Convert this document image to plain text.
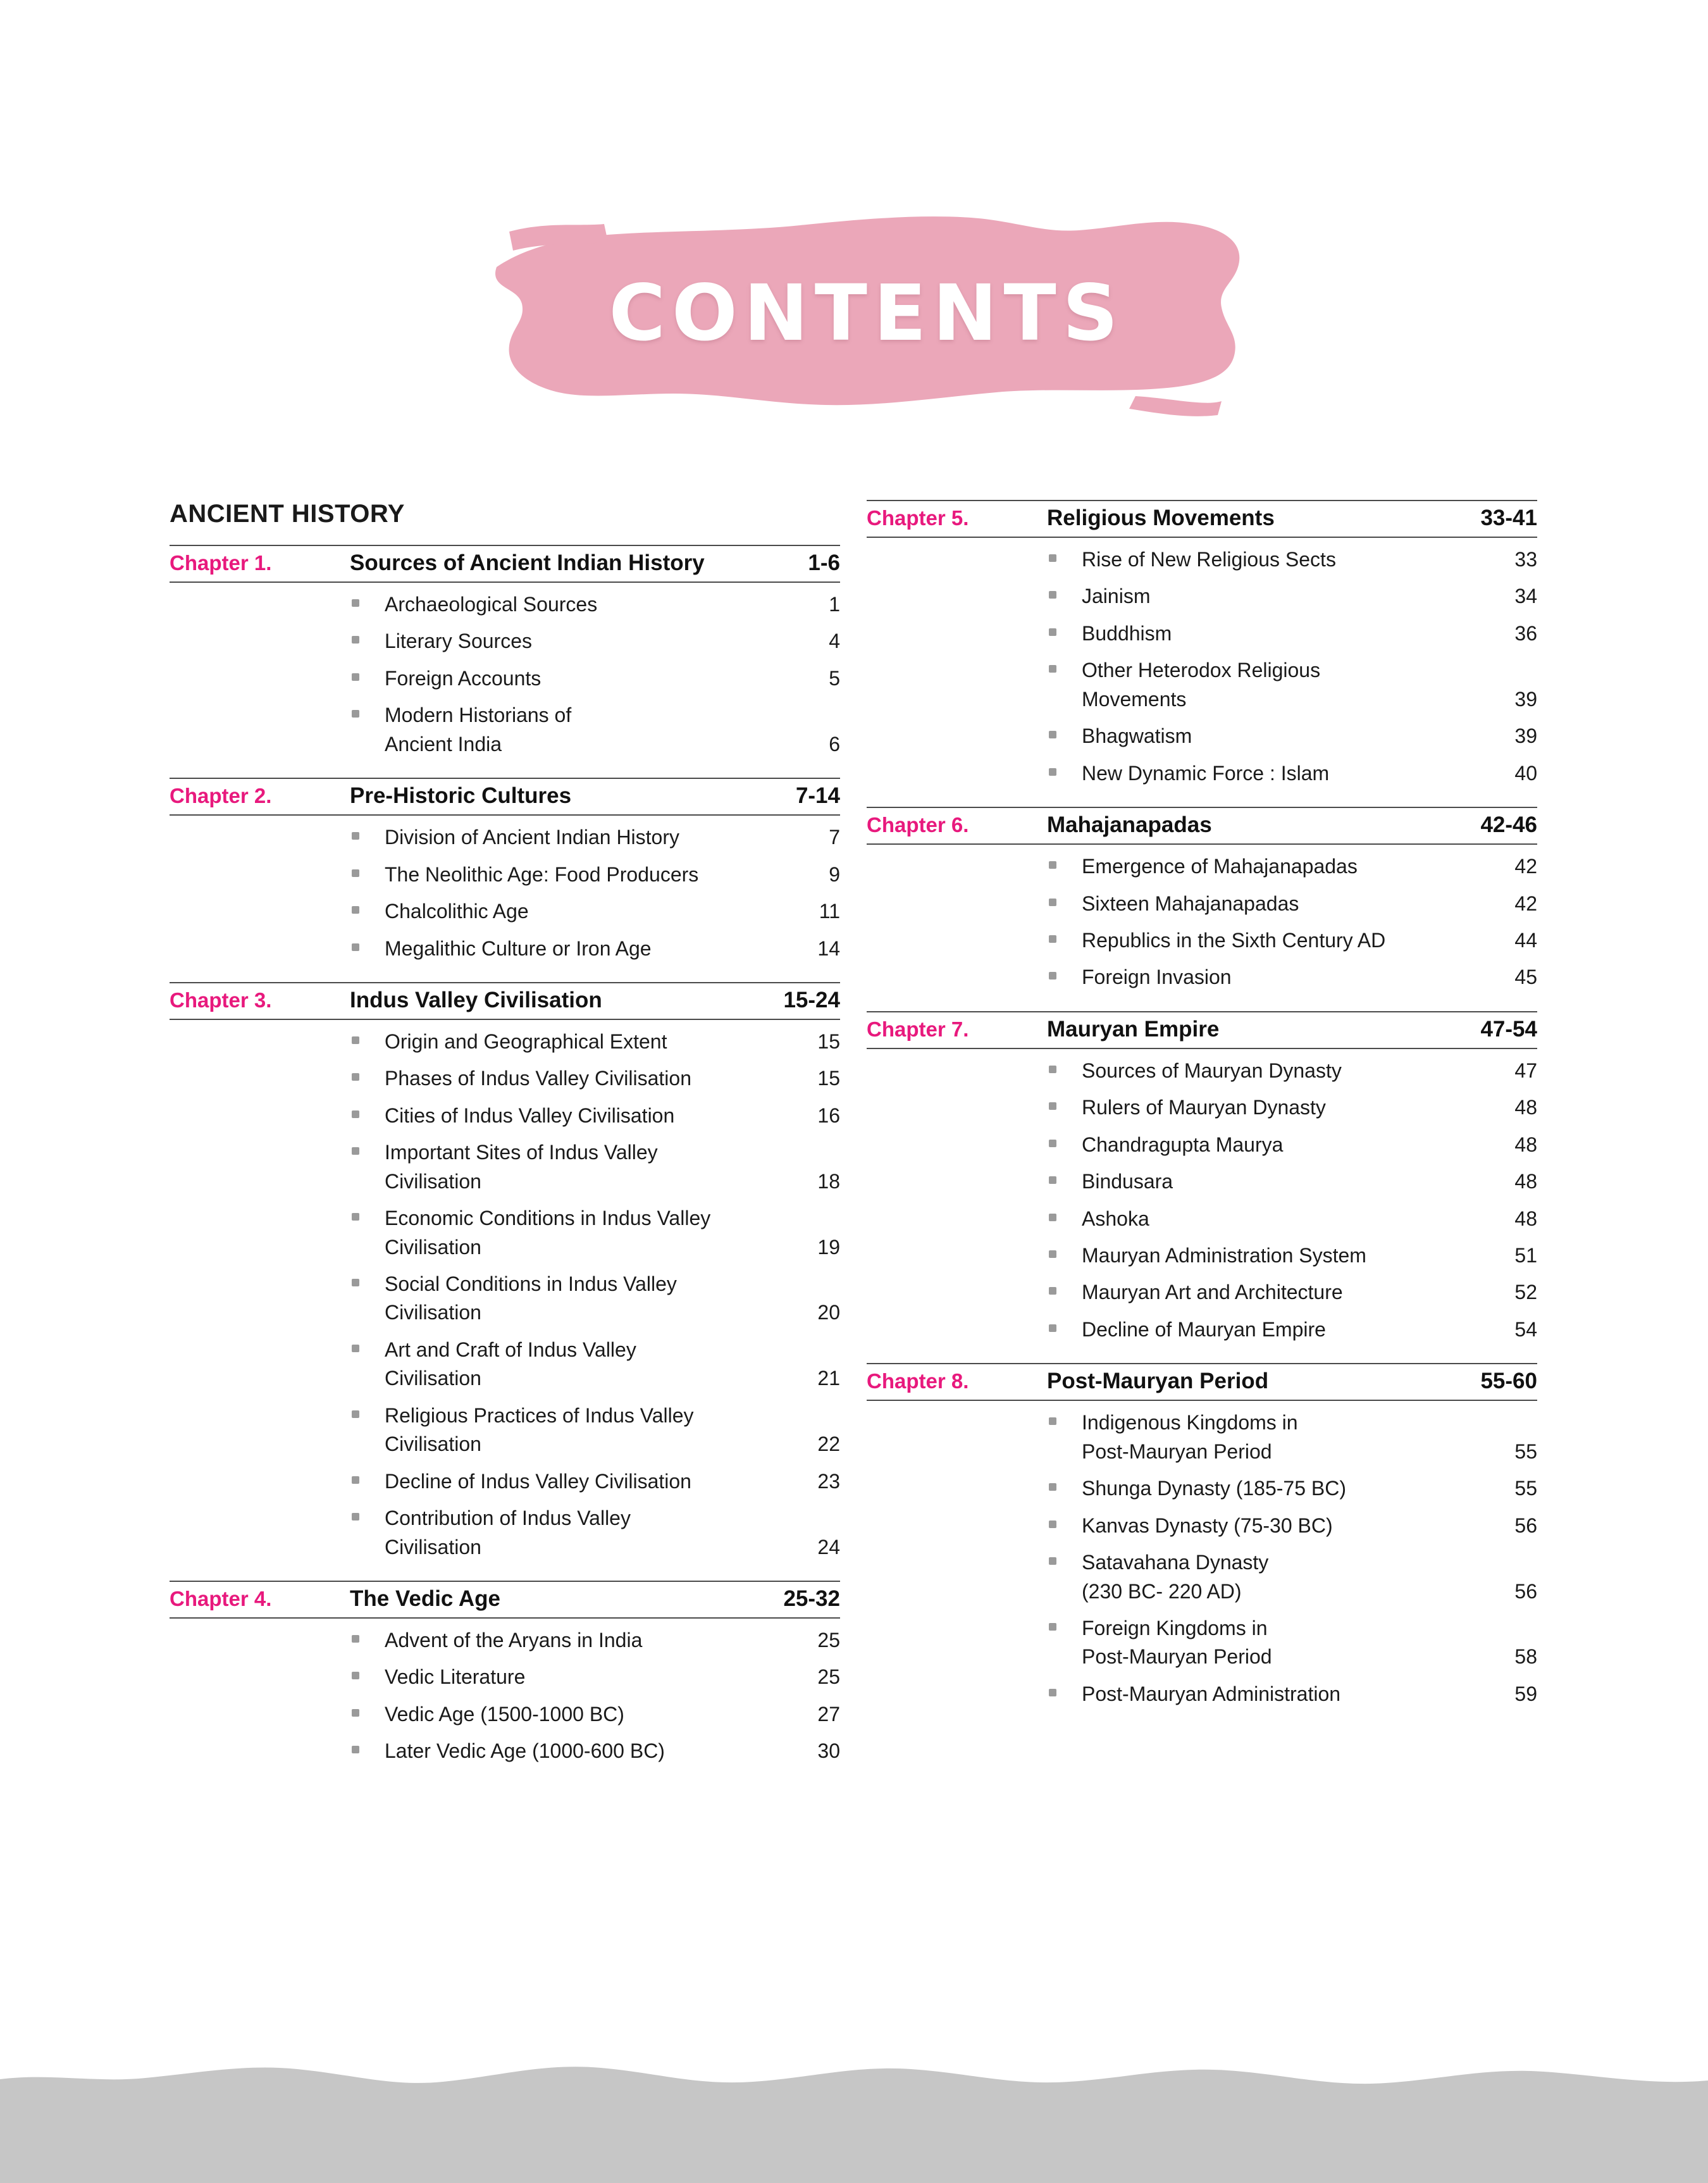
CONTENTS
ANCIENT HISTORY
Chapter 1.	Sources of Ancient Indian History	1-6
Archaeological Sources	1
Literary Sources	4
Foreign Accounts	5
Modern Historians of
Ancient India	6
Chapter 2.	Pre-Historic Cultures	7-14
Division of Ancient Indian History	7
The Neolithic Age: Food Producers	9
Chalcolithic Age	11
Megalithic Culture or Iron Age	14
Chapter 3.	Indus Valley Civilisation	15-24
Origin and Geographical Extent	15
Phases of Indus Valley Civilisation	15
Cities of Indus Valley Civilisation	16
Important Sites of Indus Valley
Civilisation	18
Economic Conditions in Indus Valley
Civilisation	19
Social Conditions in Indus Valley
Civilisation	20
Art and Craft of Indus Valley
Civilisation	21
Religious Practices of Indus Valley
Civilisation	22
Decline of Indus Valley Civilisation	23
Contribution of Indus Valley
Civilisation	24
Chapter 4.	The Vedic Age	25-32
Advent of the Aryans in India	25
Vedic Literature	25
Vedic Age (1500-1000 BC)	27
Later Vedic Age (1000-600 BC)	30
Chapter 5.	Religious Movements	33-41
Rise of New Religious Sects	33
Jainism	34
Buddhism	36
Other Heterodox Religious
Movements	39
Bhagwatism	39
New Dynamic Force : Islam	40
Chapter 6.	Mahajanapadas	42-46
Emergence of Mahajanapadas	42
Sixteen Mahajanapadas	42
Republics in the Sixth Century AD	44
Foreign Invasion	45
Chapter 7.	Mauryan Empire	47-54
Sources of Mauryan Dynasty	47
Rulers of Mauryan Dynasty	48
Chandragupta Maurya	48
Bindusara	48
Ashoka	48
Mauryan Administration System	51
Mauryan Art and Architecture	52
Decline of Mauryan Empire	54
Chapter 8.	Post-Mauryan Period	55-60
Indigenous Kingdoms in
Post-Mauryan Period	55
Shunga Dynasty (185-75 BC)	55
Kanvas Dynasty (75-30 BC)	56
Satavahana Dynasty
(230 BC- 220 AD)	56
Foreign Kingdoms in
Post-Mauryan Period	58
Post-Mauryan Administration	59
